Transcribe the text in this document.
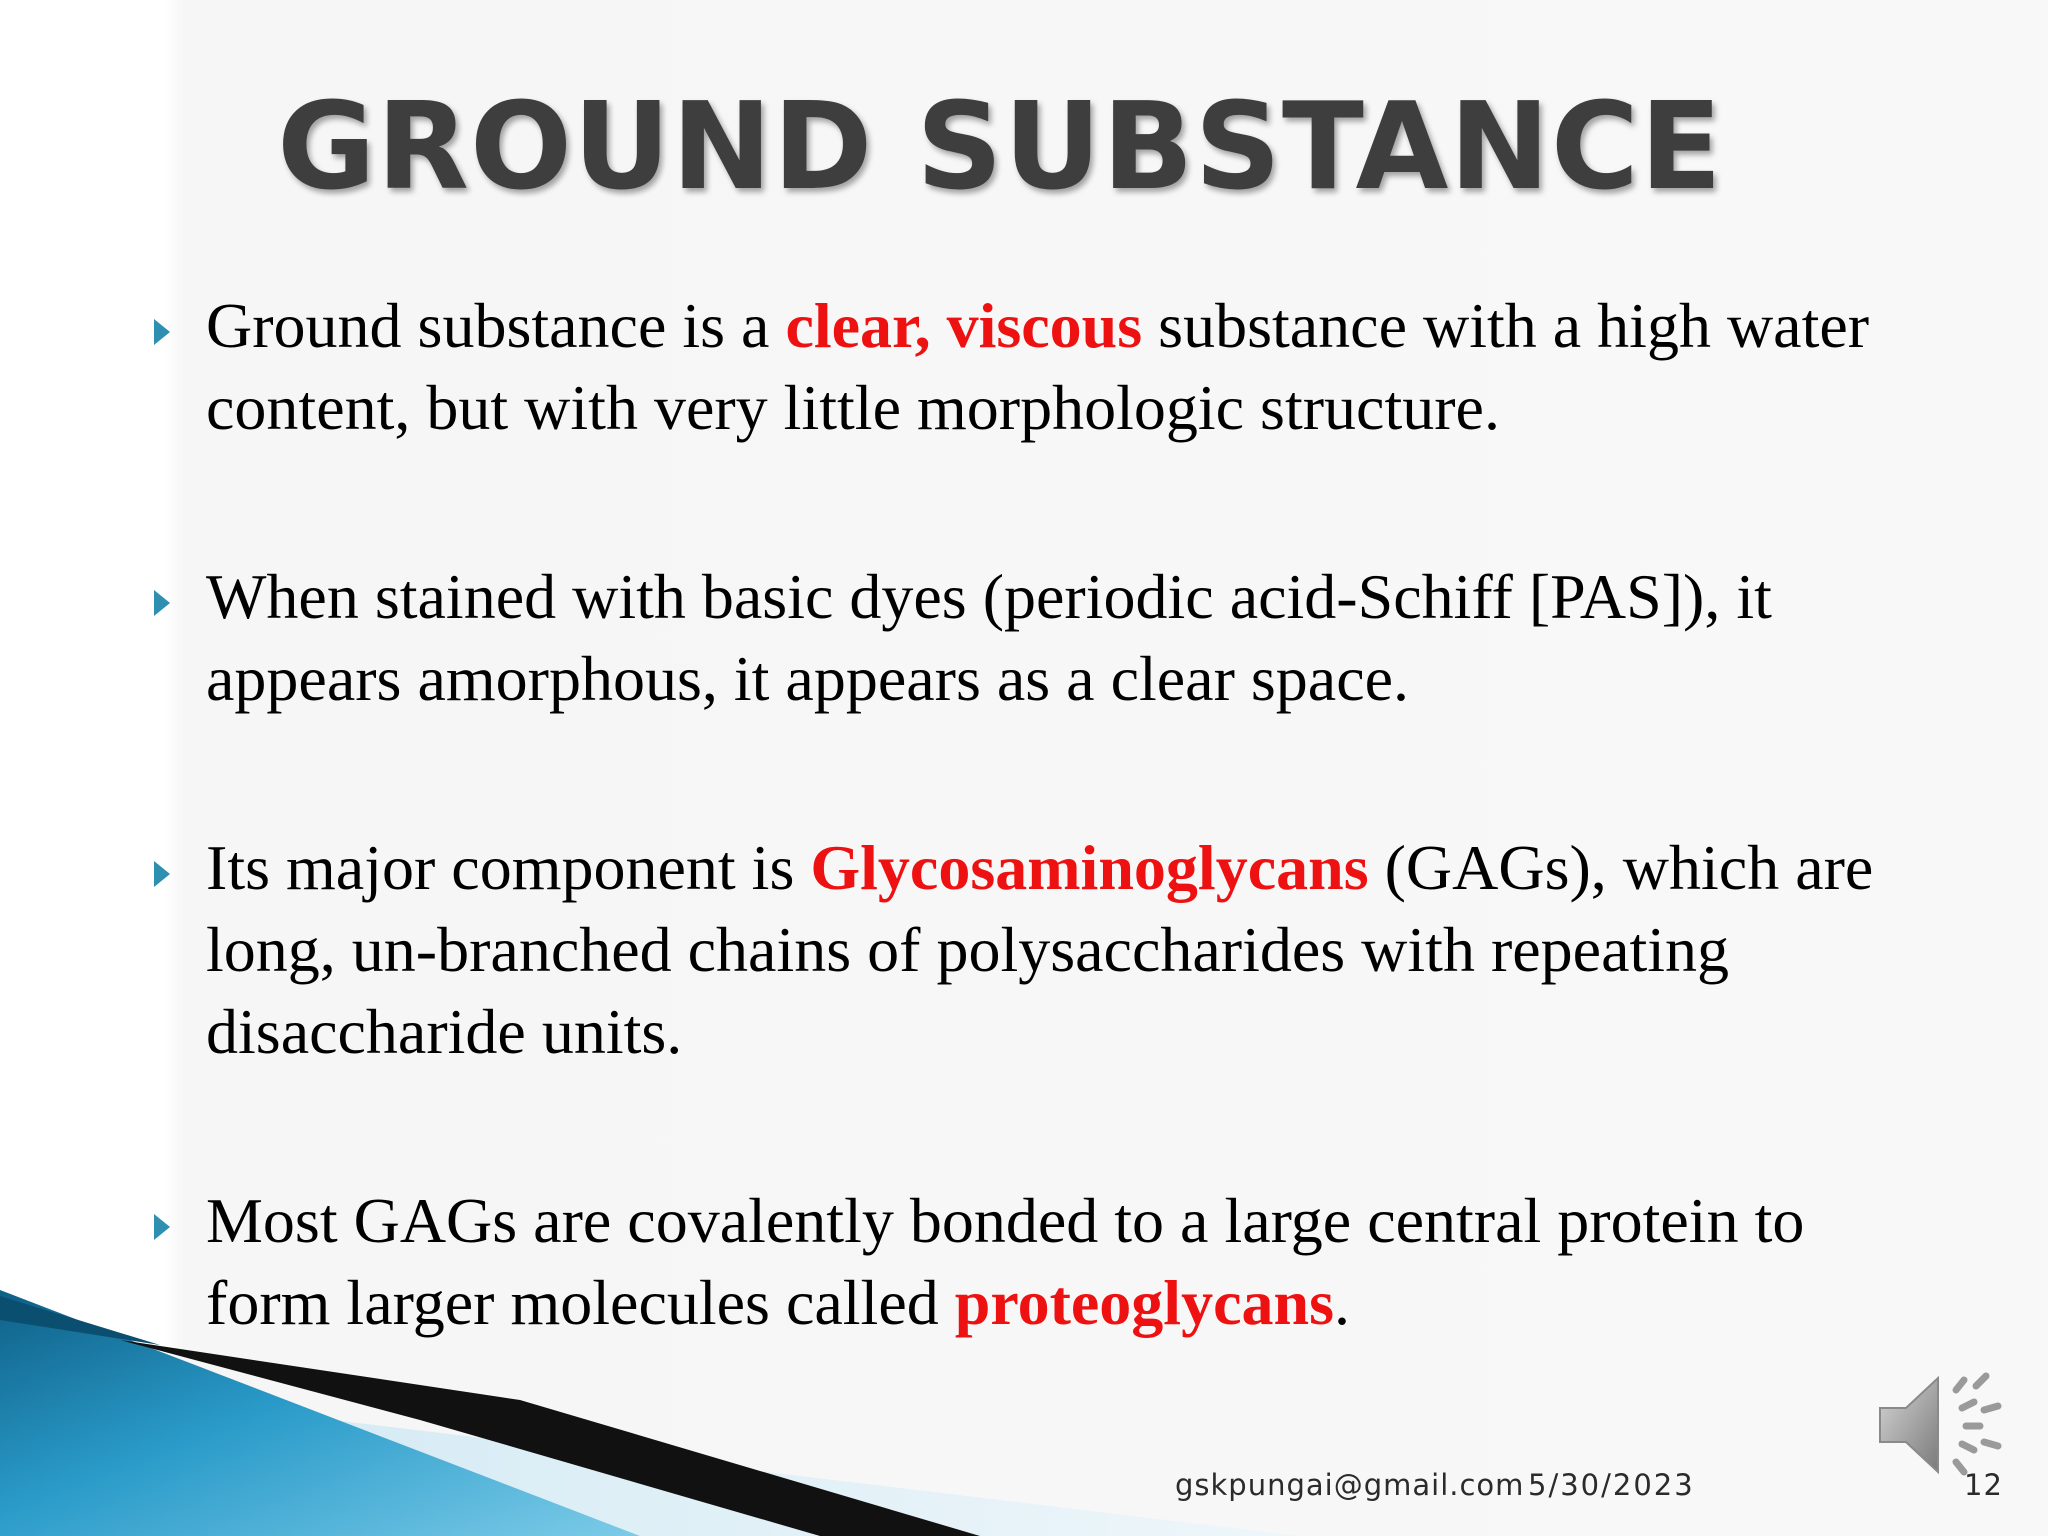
GROUND SUBSTANCE
Ground substance is a clear, viscous substance with a high water content, but with very little morphologic structure.
When stained with basic dyes (periodic acid-Schiff [PAS]), it appears amorphous, it appears as a clear space.
Its major component is Glycosaminoglycans (GAGs), which are long, un-branched chains of polysaccharides with repeating disaccharide units.
Most GAGs are covalently bonded to a large central protein to form larger molecules called proteoglycans.
gskpungai@gmail.com 5/30/2023	12
